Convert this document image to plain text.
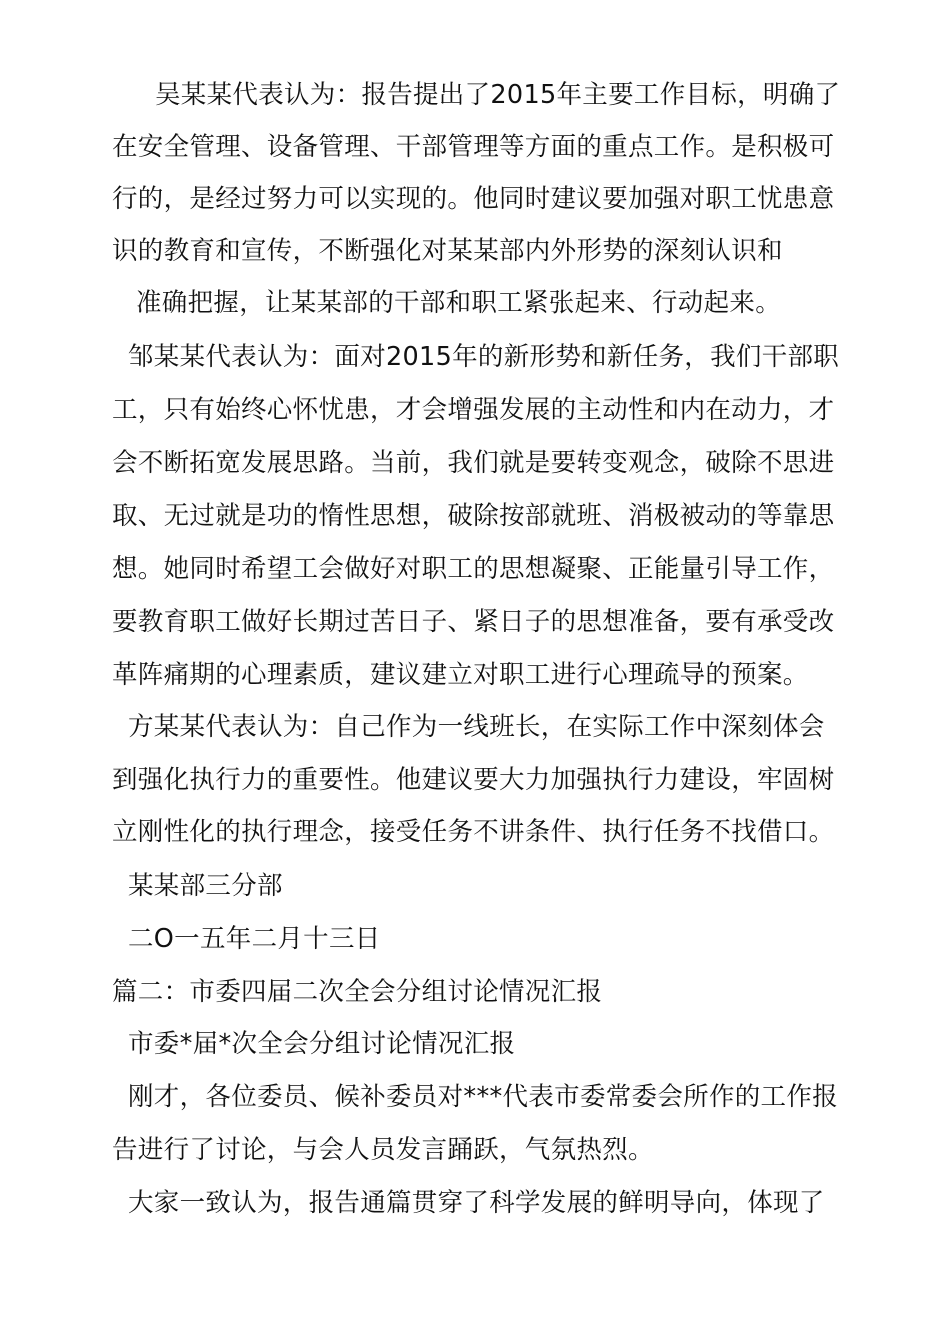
吴某某代表认为：报告提出了2015年主要工作目标，明确了
在安全管理、设备管理、干部管理等方面的重点工作。是积极可
行的，是经过努力可以实现的。他同时建议要加强对职工忧患意
识的教育和宣传，不断强化对某某部内外形势的深刻认识和
准确把握，让某某部的干部和职工紧张起来、行动起来。
邹某某代表认为：面对2015年的新形势和新任务，我们干部职
工，只有始终心怀忧患，才会增强发展的主动性和内在动力，才
会不断拓宽发展思路。当前，我们就是要转变观念，破除不思进
取、无过就是功的惰性思想，破除按部就班、消极被动的等靠思
想。她同时希望工会做好对职工的思想凝聚、正能量引导工作，
要教育职工做好长期过苦日子、紧日子的思想准备，要有承受改
革阵痛期的心理素质，建议建立对职工进行心理疏导的预案。
方某某代表认为：自己作为一线班长，在实际工作中深刻体会
到强化执行力的重要性。他建议要大力加强执行力建设，牢固树
立刚性化的执行理念，接受任务不讲条件、执行任务不找借口。
某某部三分部
二O一五年二月十三日
篇二：市委四届二次全会分组讨论情况汇报
市委*届*次全会分组讨论情况汇报
刚才，各位委员、候补委员对***代表市委常委会所作的工作报
告进行了讨论，与会人员发言踊跃，气氛热烈。
大家一致认为，报告通篇贯穿了科学发展的鲜明导向，体现了
